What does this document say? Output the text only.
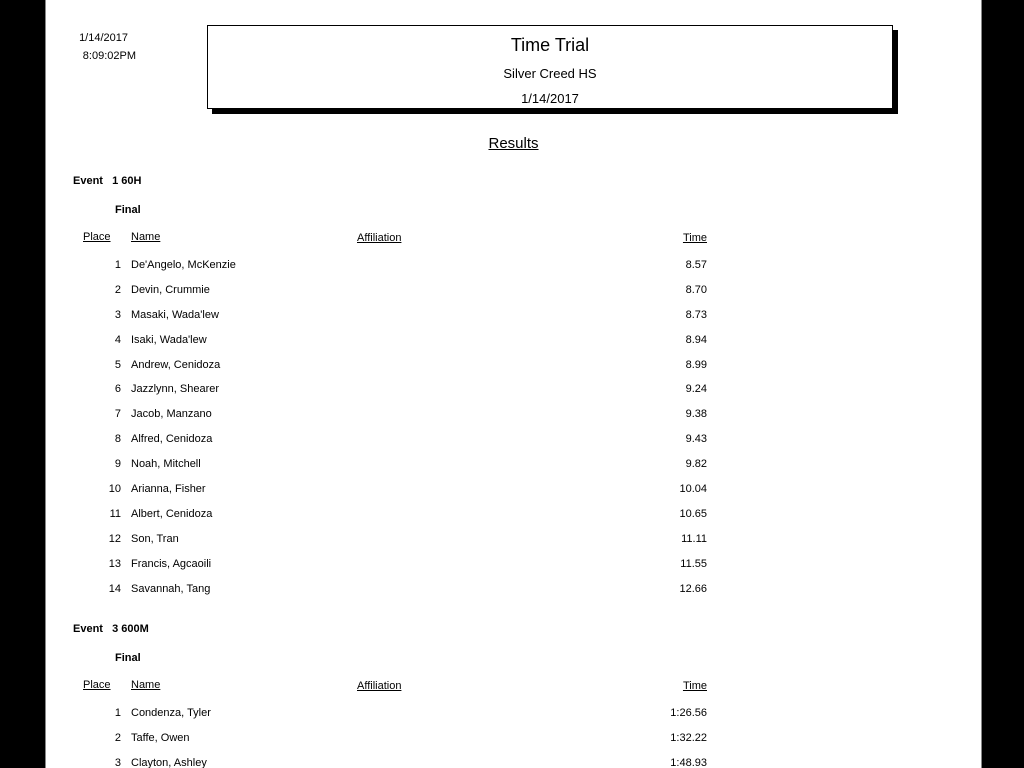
1/14/2017
8:09:02PM
Time Trial
Silver Creed HS
1/14/2017
Results
Event   1 60H
Final
Place Name	Affiliation	Time
1 De'Angelo, McKenzie	8.57
2 Devin, Crummie	8.70
3 Masaki, Wada'lew	8.73
4 Isaki, Wada'lew	8.94
5 Andrew, Cenidoza	8.99
6 Jazzlynn, Shearer	9.24
7 Jacob, Manzano	9.38
8 Alfred, Cenidoza	9.43
9 Noah, Mitchell	9.82
10 Arianna, Fisher	10.04
11 Albert, Cenidoza	10.65
12 Son, Tran	11.11
13 Francis, Agcaoili	11.55
14 Savannah, Tang	12.66
Event   3 600M
Final
Place Name	Affiliation	Time
1 Condenza, Tyler	1:26.56
2 Taffe, Owen	1:32.22
3 Clayton, Ashley	1:48.93
